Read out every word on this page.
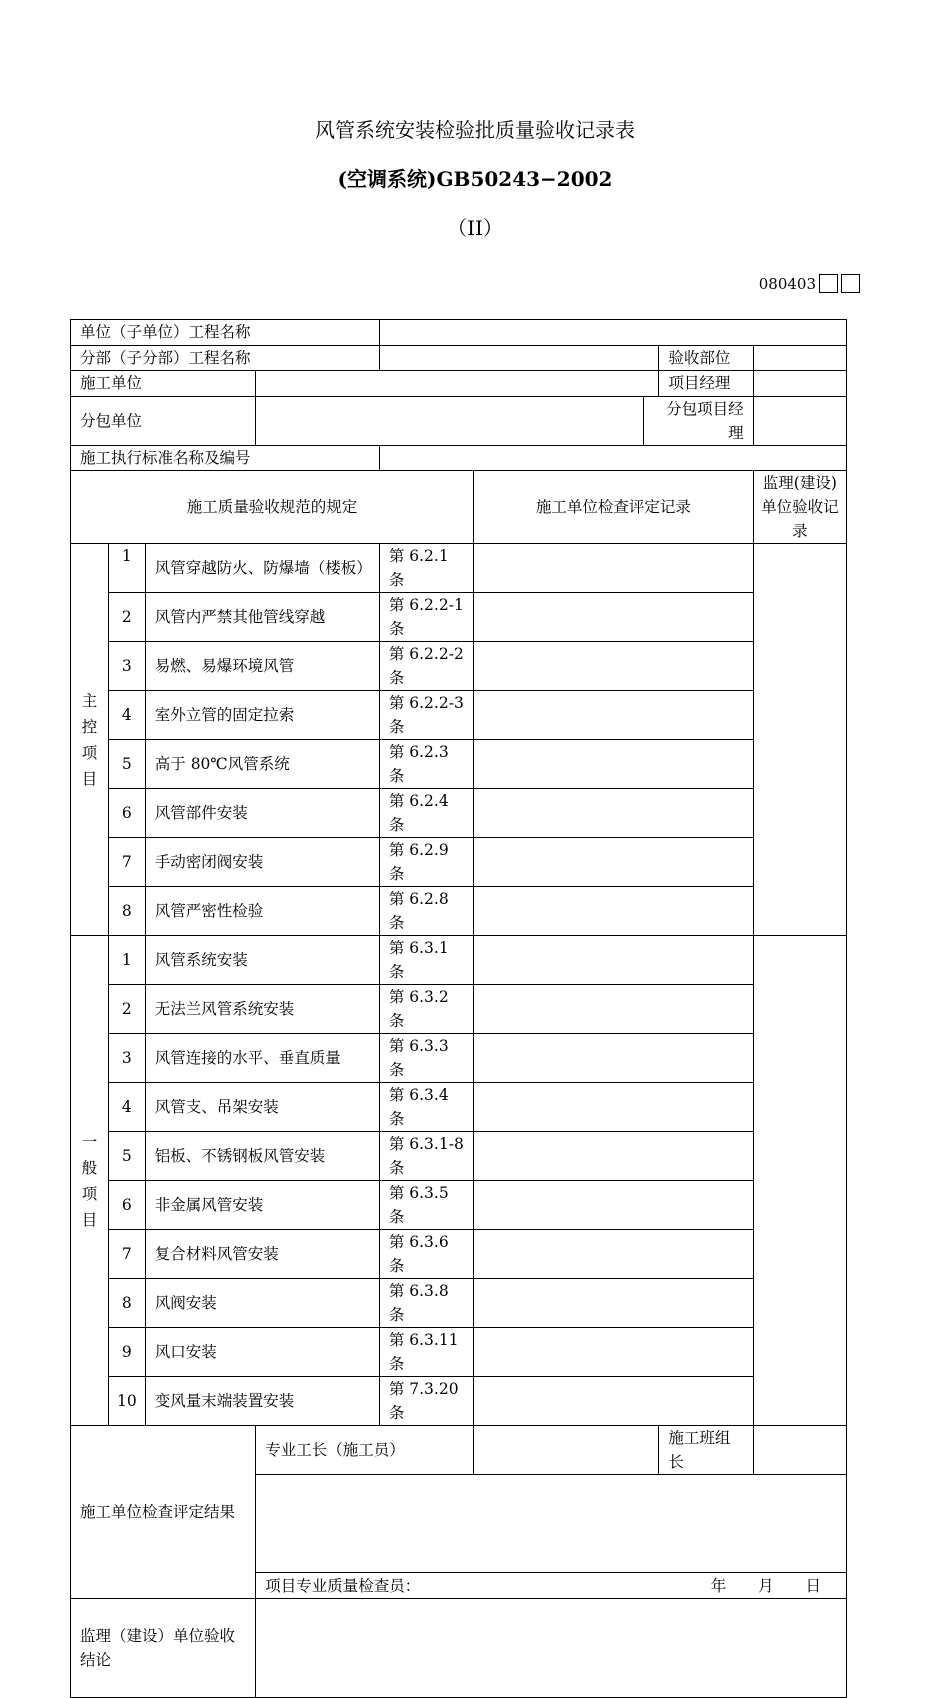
风管系统安装检验批质量验收记录表
(空调系统)GB50243−2002
（II）
080403
单位（子单位）工程名称								
分部（子分部）工程名称							验收部位	
施工单位							项目经理	
分包单位						分包项目经理		
施工执行标准名称及编号								
施工质量验收规范的规定					施工单位检查评定记录			监理(建设)单位验收记录

主控项目	1	风管穿越防火、防爆墙（楼板）		第 6.2.1 条				
	2	风管内严禁其他管线穿越		第 6.2.2-1 条				
	3	易燃、易爆环境风管		第 6.2.2-2 条				
	4	室外立管的固定拉索		第 6.2.2-3 条				
	5	高于 80℃风管系统		第 6.2.3 条				
	6	风管部件安装		第 6.2.4 条				
	7	手动密闭阀安装		第 6.2.9 条				
	8	风管严密性检验		第 6.2.8 条				

一般项目	1	风管系统安装		第 6.3.1 条				
	2	无法兰风管系统安装		第 6.3.2 条				
	3	风管连接的水平、垂直质量		第 6.3.3 条				
	4	风管支、吊架安装		第 6.3.4 条				
	5	铝板、不锈钢板风管安装		第 6.3.1-8 条				
	6	非金属风管安装		第 6.3.5 条				
	7	复合材料风管安装		第 6.3.6 条				
	8	风阀安装		第 6.3.8 条				
	9	风口安装		第 6.3.11 条				
	10	变风量末端装置安装		第 7.3.20 条				
施工单位检查评定结果			专业工长（施工员）				施工班组长	

			项目专业质量检查员： 年 月 日					

监理（建设）单位验收结论								
